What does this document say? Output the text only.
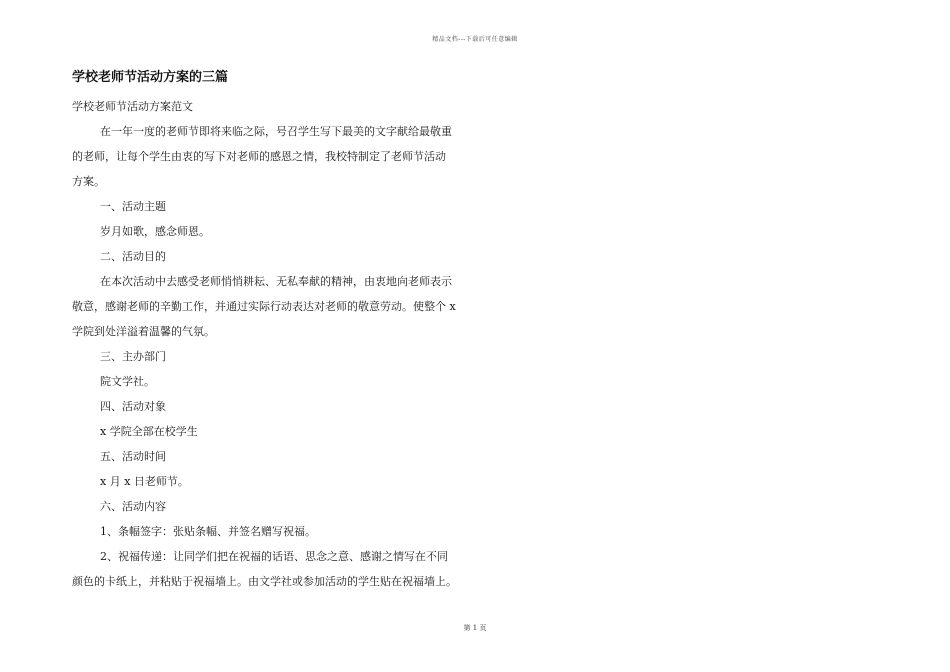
精品文档---下载后可任意编辑
学校老师节活动方案的三篇
学校老师节活动方案范文
在一年一度的老师节即将来临之际，号召学生写下最美的文字献给最敬重
的老师，让每个学生由衷的写下对老师的感恩之情，我校特制定了老师节活动
方案。
一、活动主题
岁月如歌，感念师恩。
二、活动目的
在本次活动中去感受老师悄悄耕耘、无私奉献的精神，由衷地向老师表示
敬意，感谢老师的辛勤工作，并通过实际行动表达对老师的敬意劳动。使整个 x
学院到处洋溢着温馨的气氛。
三、主办部门
院文学社。
四、活动对象
x 学院全部在校学生
五、活动时间
x 月 x 日老师节。
六、活动内容
1、条幅签字：张贴条幅、并签名赠写祝福。
2、祝福传递：让同学们把在祝福的话语、思念之意、感谢之情写在不同
颜色的卡纸上，并粘贴于祝福墙上。由文学社或参加活动的学生贴在祝福墙上。
第 1 页
